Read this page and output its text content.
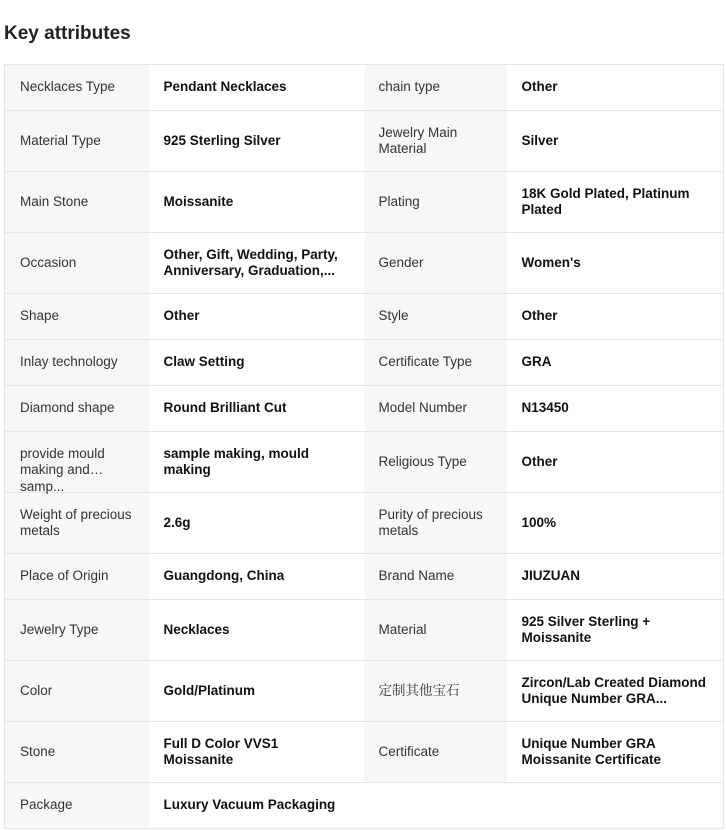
Key attributes
Necklaces Type	Pendant Necklaces	chain type	Other

Material Type	925 Sterling Silver	Jewelry Main Material	Silver

Main Stone	Moissanite	Plating	18K Gold Plated, Platinum Plated

Occasion	Other, Gift, Wedding, Party, Anniversary, Graduation,...	Gender	Women's

Shape	Other	Style	Other

Inlay technology	Claw Setting	Certificate Type	GRA

Diamond shape	Round Brilliant Cut	Model Number	N13450

provide mould making and samp...	sample making, mould making	Religious Type	Other

Weight of precious metals	2.6g	Purity of precious metals	100%

Place of Origin	Guangdong, China	Brand Name	JIUZUAN

Jewelry Type	Necklaces	Material	925 Silver Sterling + Moissanite

Color	Gold/Platinum	定制其他宝石	Zircon/Lab Created Diamond Unique Number GRA...

Stone	Full D Color VVS1 Moissanite	Certificate	Unique Number GRA Moissanite Certificate

Package	Luxury Vacuum Packaging		
